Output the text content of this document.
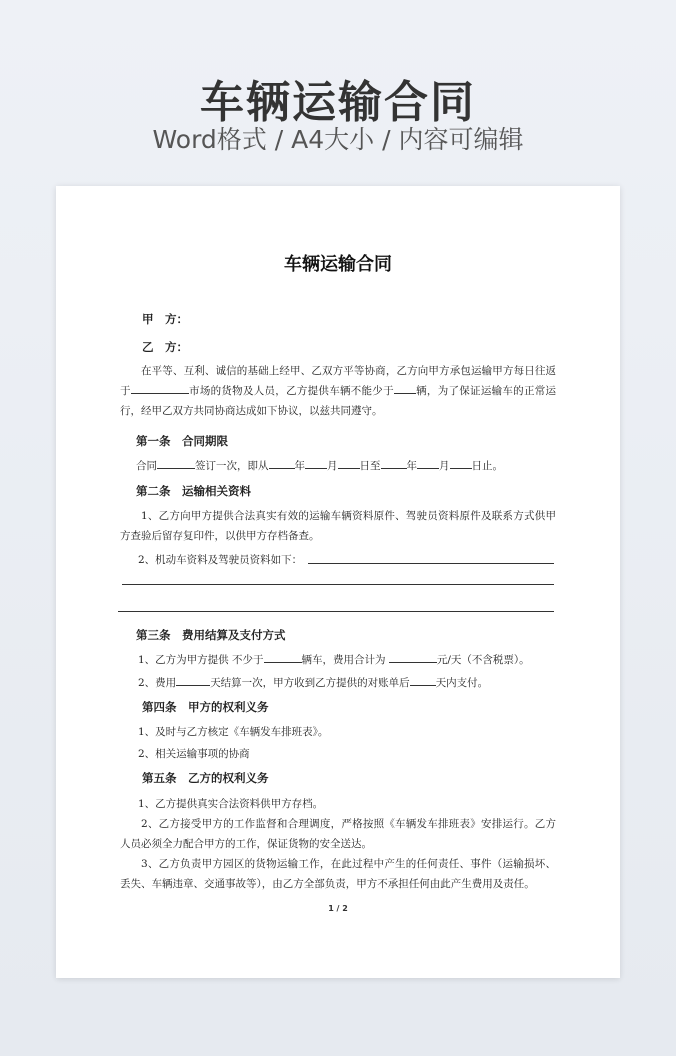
车辆运输合同
Word格式 / A4大小 / 内容可编辑
车辆运输合同
甲　方：
乙　方：
在平等、互利、诚信的基础上经甲、乙双方平等协商，乙方向甲方承包运输甲方每日往返于	市场的货物及人员，乙方提供车辆不能少于 辆，为了保证运输车的正常运行，经甲乙双方共同协商达成如下协议，以兹共同遵守。
第一条　合同期限
合同	签订一次，即从 年 月 日至 年 月 日止。
第二条　运输相关资料
1、乙方向甲方提供合法真实有效的运输车辆资料原件、驾驶员资料原件及联系方式供甲方查验后留存复印件，以供甲方存档备查。
2、机动车资料及驾驶员资料如下：
第三条　费用结算及支付方式
1、乙方为甲方提供 不少于	辆车，费用合计为	元/天（不含税票）。
2、费用	天结算一次，甲方收到乙方提供的对账单后 天内支付。
第四条　甲方的权利义务
1、及时与乙方核定《车辆发车排班表》。
2、相关运输事项的协商
第五条　乙方的权利义务
1、乙方提供真实合法资料供甲方存档。
2、乙方接受甲方的工作监督和合理调度，严格按照《车辆发车排班表》安排运行。乙方人员必须全力配合甲方的工作，保证货物的安全送达。
3、乙方负责甲方园区的货物运输工作，在此过程中产生的任何责任、事件（运输损坏、丢失、车辆违章、交通事故等），由乙方全部负责，甲方不承担任何由此产生费用及责任。
1 / 2
